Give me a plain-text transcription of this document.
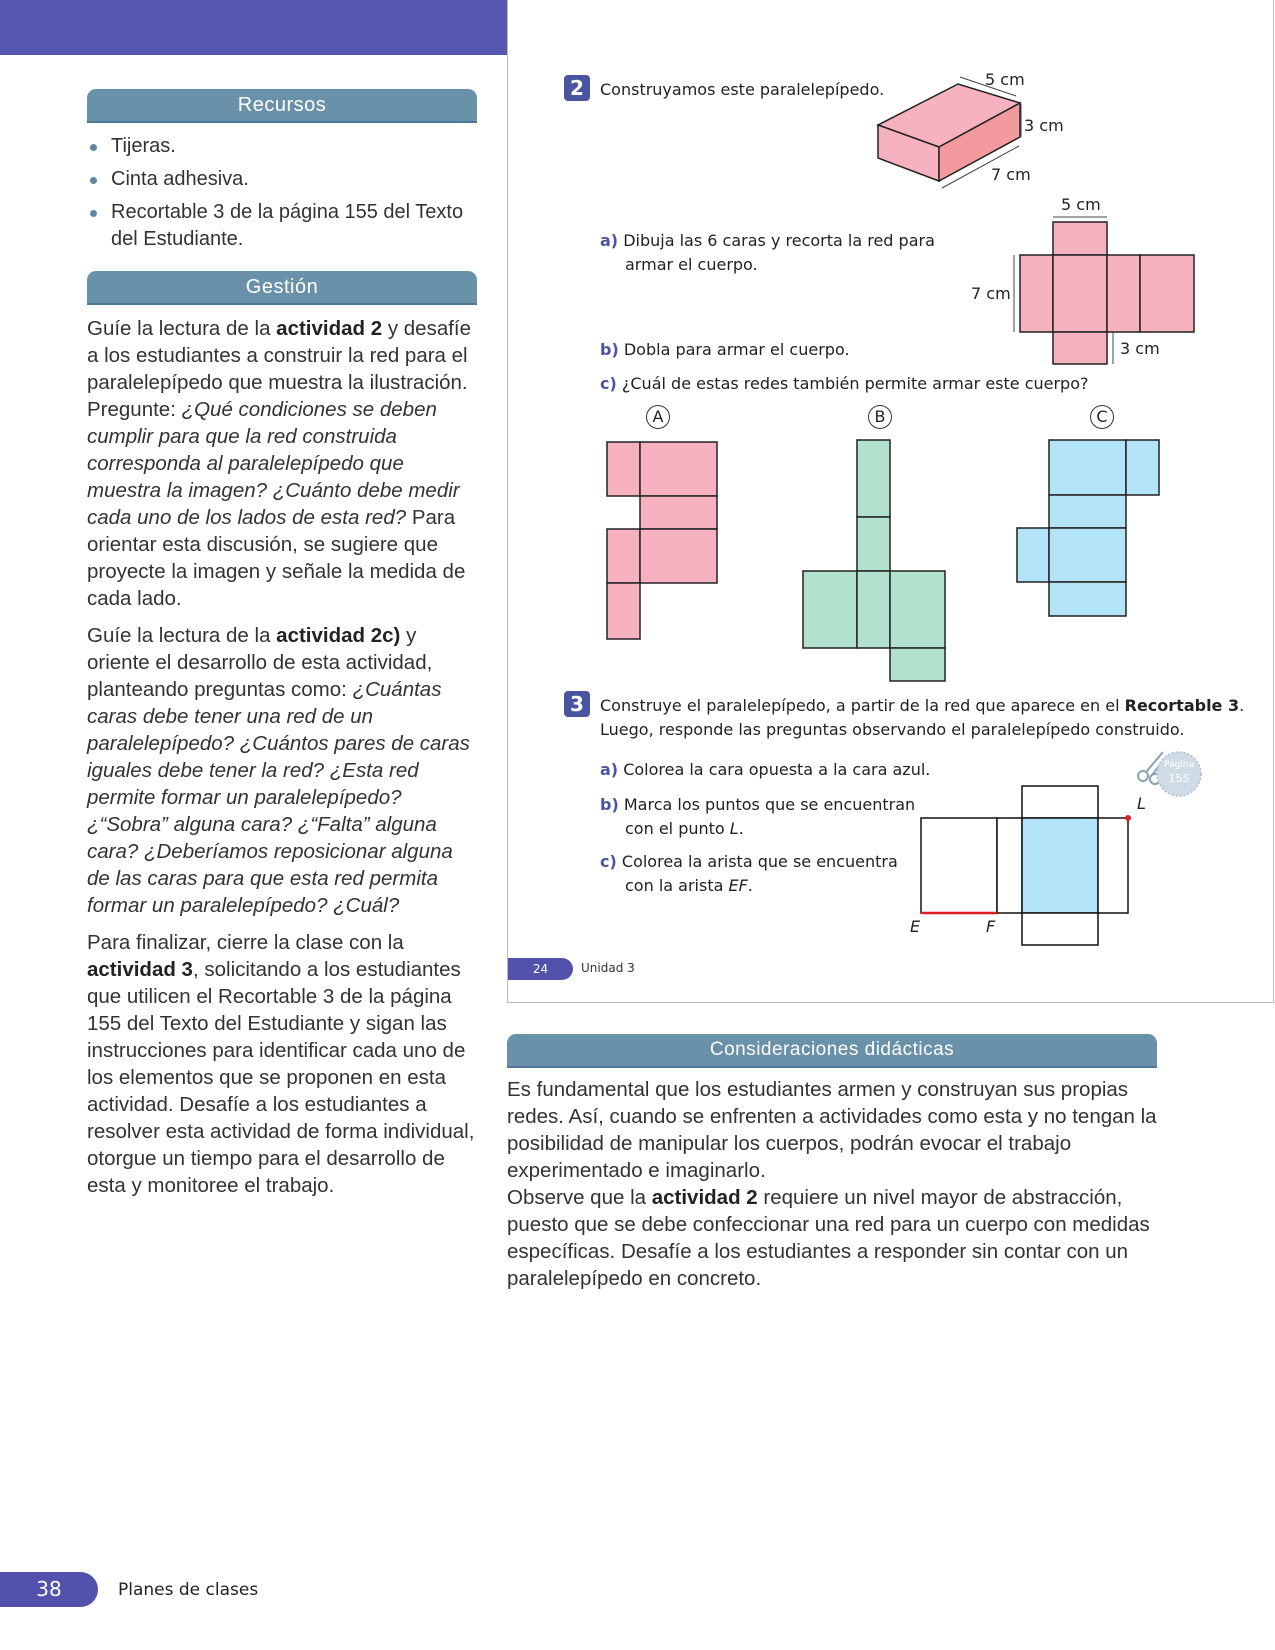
Recursos
Tijeras.
Cinta adhesiva.
Recortable 3 de la página 155 del Texto del Estudiante.
Gestión

Guíe la lectura de la actividad 2 y desafíe a los estudiantes a construir la red para el paralelepípedo que muestra la ilustración. Pregunte: ¿Qué condiciones se deben cumplir para que la red construida corresponda al paralelepípedo que muestra la imagen? ¿Cuánto debe medir cada uno de los lados de esta red? Para orientar esta discusión, se sugiere que proyecte la imagen y señale la medida de cada lado.

Guíe la lectura de la actividad 2c) y oriente el desarrollo de esta actividad, planteando preguntas como: ¿Cuántas caras debe tener una red de un paralelepípedo? ¿Cuántos pares de caras iguales debe tener la red? ¿Esta red permite formar un paralelepípedo? ¿“Sobra” alguna cara? ¿“Falta” alguna cara? ¿Deberíamos reposicionar alguna de las caras para que esta red permita formar un paralelepípedo? ¿Cuál?

Para finalizar, cierre la clase con la actividad 3, solicitando a los estudiantes que utilicen el Recortable 3 de la página 155 del Texto del Estudiante y sigan las instrucciones para identificar cada uno de los elementos que se proponen en esta actividad. Desafíe a los estudiantes a resolver esta actividad de forma individual, otorgue un tiempo para el desarrollo de esta y monitoree el trabajo.

2	Construyamos este paralelepípedo.
5 cm
3 cm
7 cm
a) Dibuja las 6 caras y recorta la red para
armar el cuerpo.
b) Dobla para armar el cuerpo.
c) ¿Cuál de estas redes también permite armar este cuerpo?
5 cm
7 cm
3 cm
A	B	C
3	Construye el paralelepípedo, a partir de la red que aparece en el Recortable 3.
Luego, responde las preguntas observando el paralelepípedo construido.
a) Colorea la cara opuesta a la cara azul.
b) Marca los puntos que se encuentran
con el punto L.
c) Colorea la arista que se encuentra
con la arista EF.
Página
155
L
E	F
24	Unidad 3
Consideraciones didácticas

Es fundamental que los estudiantes armen y construyan sus propias redes. Así, cuando se enfrenten a actividades como esta y no tengan la posibilidad de manipular los cuerpos, podrán evocar el trabajo experimentado e imaginarlo.

Observe que la actividad 2 requiere un nivel mayor de abstracción, puesto que se debe confeccionar una red para un cuerpo con medidas específicas. Desafíe a los estudiantes a responder sin contar con un paralelepípedo en concreto.

38	Planes de clases
